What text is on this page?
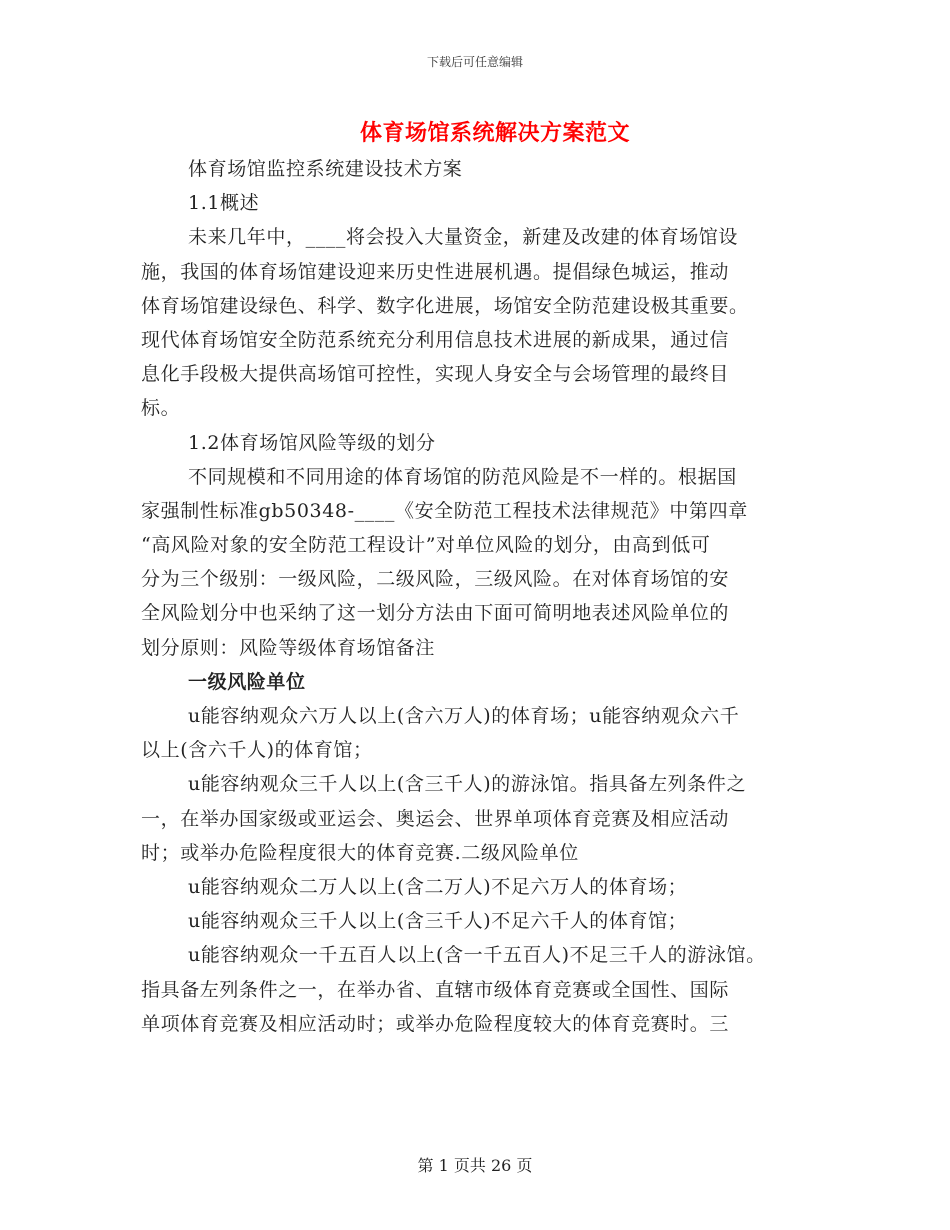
下载后可任意编辑
体育场馆系统解决方案范文
体育场馆监控系统建设技术方案
1.1概述
未来几年中，____将会投入大量资金，新建及改建的体育场馆设
施，我国的体育场馆建设迎来历史性进展机遇。提倡绿色城运，推动
体育场馆建设绿色、科学、数字化进展，场馆安全防范建设极其重要。
现代体育场馆安全防范系统充分利用信息技术进展的新成果，通过信
息化手段极大提供高场馆可控性，实现人身安全与会场管理的最终目
标。
1.2体育场馆风险等级的划分
不同规模和不同用途的体育场馆的防范风险是不一样的。根据国
家强制性标准gb50348-____《安全防范工程技术法律规范》中第四章
“高风险对象的安全防范工程设计”对单位风险的划分，由高到低可
分为三个级别：一级风险，二级风险，三级风险。在对体育场馆的安
全风险划分中也采纳了这一划分方法由下面可简明地表述风险单位的
划分原则：风险等级体育场馆备注
一级风险单位
u能容纳观众六万人以上(含六万人)的体育场；u能容纳观众六千
以上(含六千人)的体育馆；
u能容纳观众三千人以上(含三千人)的游泳馆。指具备左列条件之
一，在举办国家级或亚运会、奥运会、世界单项体育竞赛及相应活动
时；或举办危险程度很大的体育竞赛.二级风险单位
u能容纳观众二万人以上(含二万人)不足六万人的体育场；
u能容纳观众三千人以上(含三千人)不足六千人的体育馆；
u能容纳观众一千五百人以上(含一千五百人)不足三千人的游泳馆。
指具备左列条件之一，在举办省、直辖市级体育竞赛或全国性、国际
单项体育竞赛及相应活动时；或举办危险程度较大的体育竞赛时。三
第 1 页共 26 页
